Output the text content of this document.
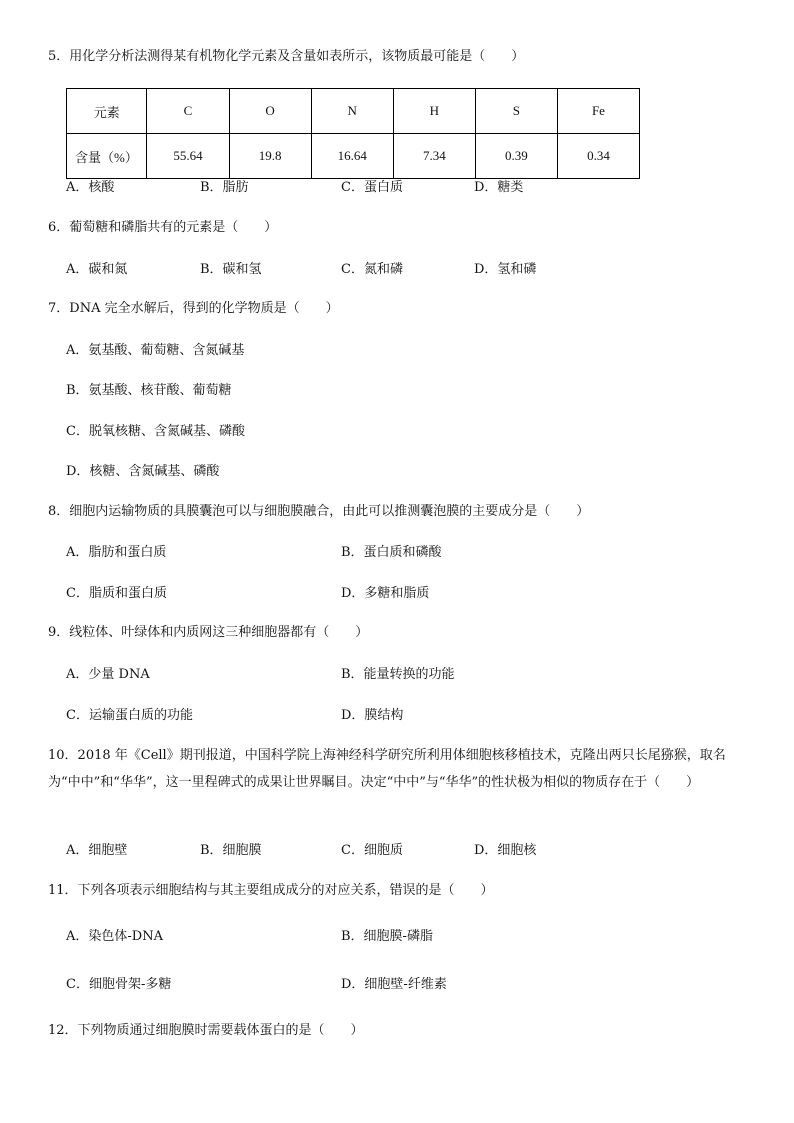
5．用化学分析法测得某有机物化学元素及含量如表所示，该物质最可能是（　　）
元素	C	O	N	H	S	Fe
含量（%）	55.64	19.8	16.64	7.34	0.39	0.34
A．核酸	B．脂肪	C．蛋白质	D．糖类
6．葡萄糖和磷脂共有的元素是（　　）
A．碳和氮	B．碳和氢	C．氮和磷	D．氢和磷
7．DNA 完全水解后，得到的化学物质是（　　）
A．氨基酸、葡萄糖、含氮碱基
B．氨基酸、核苷酸、葡萄糖
C．脱氧核糖、含氮碱基、磷酸
D．核糖、含氮碱基、磷酸
8．细胞内运输物质的具膜囊泡可以与细胞膜融合，由此可以推测囊泡膜的主要成分是（　　）
A．脂肪和蛋白质	B．蛋白质和磷酸
C．脂质和蛋白质	D．多糖和脂质
9．线粒体、叶绿体和内质网这三种细胞器都有（　　）
A．少量 DNA	B．能量转换的功能
C．运输蛋白质的功能	D．膜结构
10．2018 年《Cell》期刊报道，中国科学院上海神经科学研究所利用体细胞核移植技术，克隆出两只长尾猕猴，取名为“中中”和“华华”，这一里程碑式的成果让世界瞩目。决定“中中”与“华华”的性状极为相似的物质存在于（　　）
A．细胞壁	B．细胞膜	C．细胞质	D．细胞核
11．下列各项表示细胞结构与其主要组成成分的对应关系，错误的是（　　）
A．染色体-DNA	B．细胞膜-磷脂
C．细胞骨架-多糖	D．细胞壁-纤维素
12．下列物质通过细胞膜时需要载体蛋白的是（　　）
